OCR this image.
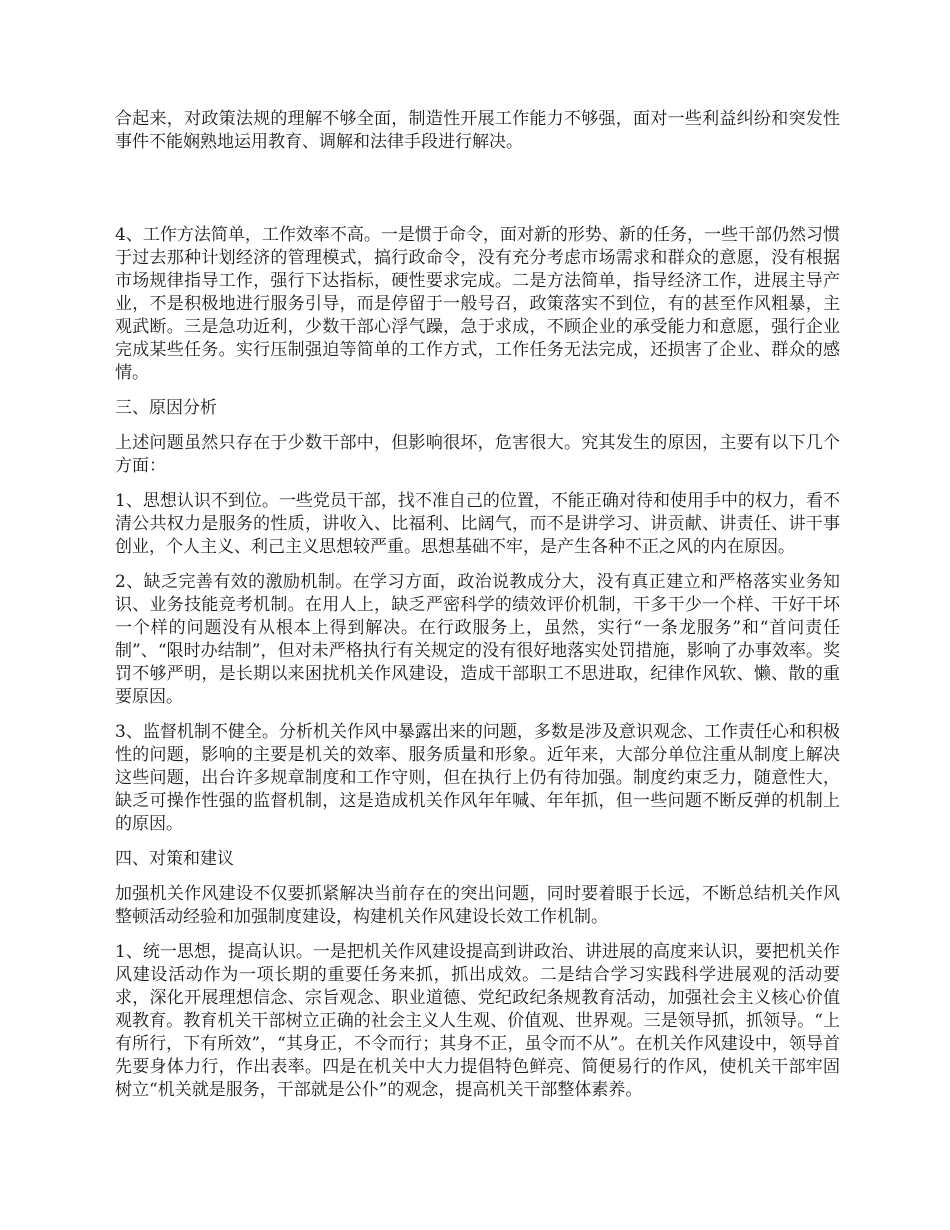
合起来，对政策法规的理解不够全面，制造性开展工作能力不够强，面对一些利益纠纷和突发性事件不能娴熟地运用教育、调解和法律手段进行解决。

4、工作方法简单，工作效率不高。一是惯于命令，面对新的形势、新的任务，一些干部仍然习惯于过去那种计划经济的管理模式，搞行政命令，没有充分考虑市场需求和群众的意愿，没有根据市场规律指导工作，强行下达指标，硬性要求完成。二是方法简单，指导经济工作，进展主导产业，不是积极地进行服务引导，而是停留于一般号召，政策落实不到位，有的甚至作风粗暴，主观武断。三是急功近利，少数干部心浮气躁，急于求成，不顾企业的承受能力和意愿，强行企业完成某些任务。实行压制强迫等简单的工作方式，工作任务无法完成，还损害了企业、群众的感情。

三、原因分析

上述问题虽然只存在于少数干部中，但影响很坏，危害很大。究其发生的原因，主要有以下几个方面：

1、思想认识不到位。一些党员干部，找不准自己的位置，不能正确对待和使用手中的权力，看不清公共权力是服务的性质，讲收入、比福利、比阔气，而不是讲学习、讲贡献、讲责任、讲干事创业，个人主义、利己主义思想较严重。思想基础不牢，是产生各种不正之风的内在原因。

2、缺乏完善有效的激励机制。在学习方面，政治说教成分大，没有真正建立和严格落实业务知识、业务技能竞考机制。在用人上，缺乏严密科学的绩效评价机制，干多干少一个样、干好干坏一个样的问题没有从根本上得到解决。在行政服务上，虽然，实行“一条龙服务”和“首问责任制”、“限时办结制”，但对未严格执行有关规定的没有很好地落实处罚措施，影响了办事效率。奖罚不够严明，是长期以来困扰机关作风建设，造成干部职工不思进取，纪律作风软、懒、散的重要原因。

3、监督机制不健全。分析机关作风中暴露出来的问题，多数是涉及意识观念、工作责任心和积极性的问题，影响的主要是机关的效率、服务质量和形象。近年来，大部分单位注重从制度上解决这些问题，出台许多规章制度和工作守则，但在执行上仍有待加强。制度约束乏力，随意性大，缺乏可操作性强的监督机制，这是造成机关作风年年喊、年年抓，但一些问题不断反弹的机制上的原因。

四、对策和建议

加强机关作风建设不仅要抓紧解决当前存在的突出问题，同时要着眼于长远，不断总结机关作风整顿活动经验和加强制度建设，构建机关作风建设长效工作机制。

1、统一思想，提高认识。一是把机关作风建设提高到讲政治、讲进展的高度来认识，要把机关作风建设活动作为一项长期的重要任务来抓，抓出成效。二是结合学习实践科学进展观的活动要求，深化开展理想信念、宗旨观念、职业道德、党纪政纪条规教育活动，加强社会主义核心价值观教育。教育机关干部树立正确的社会主义人生观、价值观、世界观。三是领导抓，抓领导。“上有所行，下有所效”，“其身正，不令而行；其身不正，虽令而不从”。在机关作风建设中，领导首先要身体力行，作出表率。四是在机关中大力提倡特色鲜亮、简便易行的作风，使机关干部牢固树立“机关就是服务，干部就是公仆”的观念，提高机关干部整体素养。
